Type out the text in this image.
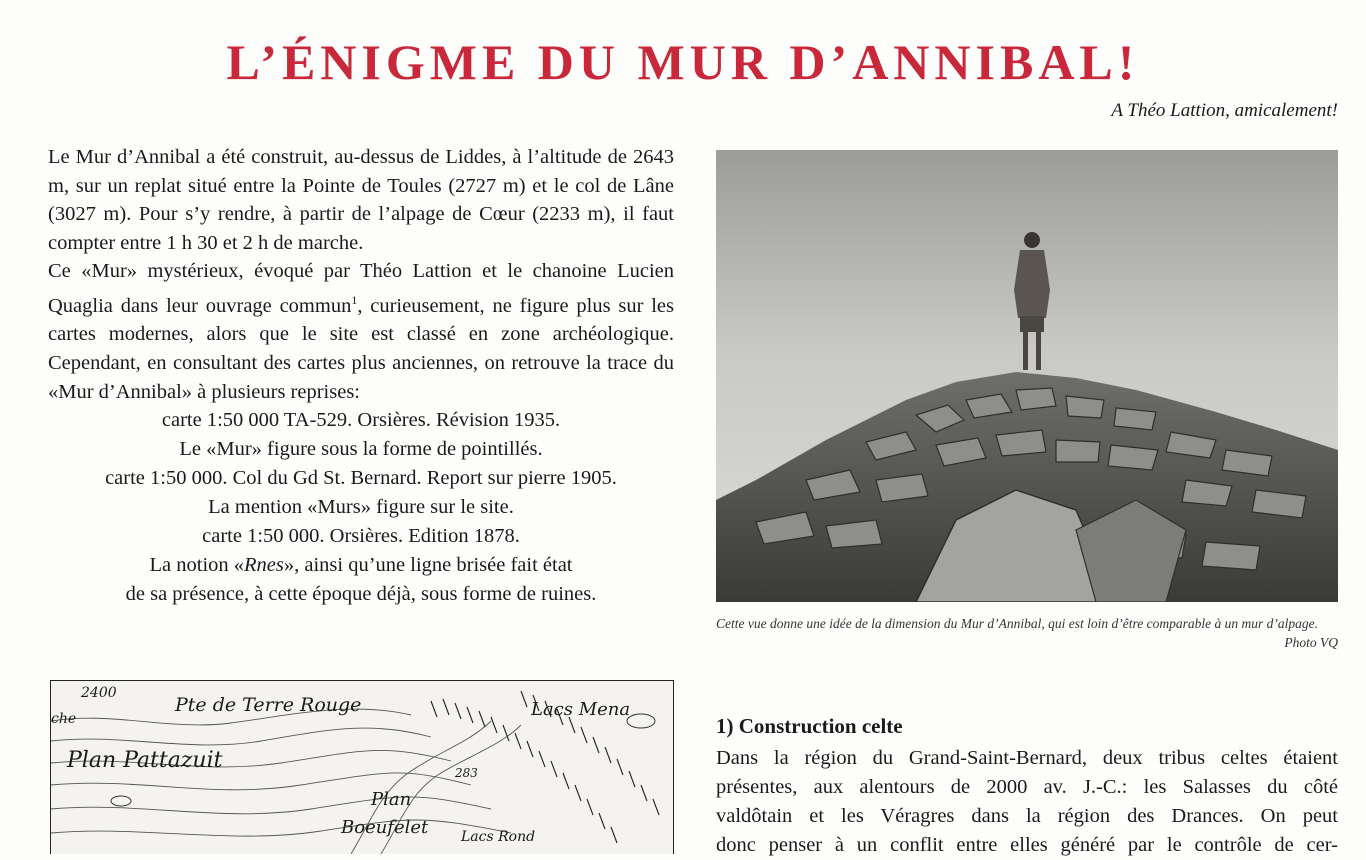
L’ÉNIGME DU MUR D’ANNIBAL!

A Théo Lattion, amicalement!

Le Mur d’Annibal a été construit, au-dessus de Liddes, à l’altitude de 2643 m, sur un replat situé entre la Pointe de Toules (2727 m) et le col de Lâne (3027 m). Pour s’y rendre, à partir de l’alpage de Cœur (2233 m), il faut compter entre 1 h 30 et 2 h de marche.

Ce «Mur» mystérieux, évoqué par Théo Lattion et le chanoine Lucien Quaglia dans leur ouvrage commun$^1$, curieusement, ne figure plus sur les cartes modernes, alors que le site est classé en zone archéologique. Cependant, en consultant des cartes plus anciennes, on retrouve la trace du «Mur d’Annibal» à plusieurs reprises:

carte 1:50 000 TA-529. Orsières. Révision 1935.
Le «Mur» figure sous la forme de pointillés.
carte 1:50 000. Col du Gd St. Bernard. Report sur pierre 1905.
La mention «Murs» figure sur le site.
carte 1:50 000. Orsières. Edition 1878.
La notion «Rnes», ainsi qu’une ligne brisée fait état
de sa présence, à cette époque déjà, sous forme de ruines.

Cette vue donne une idée de la dimension du Mur d’Annibal, qui est loin d’être comparable à un mur d’alpage.

Photo VQ

2400
che
Pte de Terre Rouge
Plan Pattazuit
Plan
Boeufelet
283
Lacs Rond
Lacs Mena
1) Construction celte
Dans la région du Grand-Saint-Bernard, deux tribus celtes étaient
présentes, aux alentours de 2000 av. J.-C.: les Salasses du côté
valdôtain et les Véragres dans la région des Drances. On peut
donc penser à un conflit entre elles généré par le contrôle de cer-
